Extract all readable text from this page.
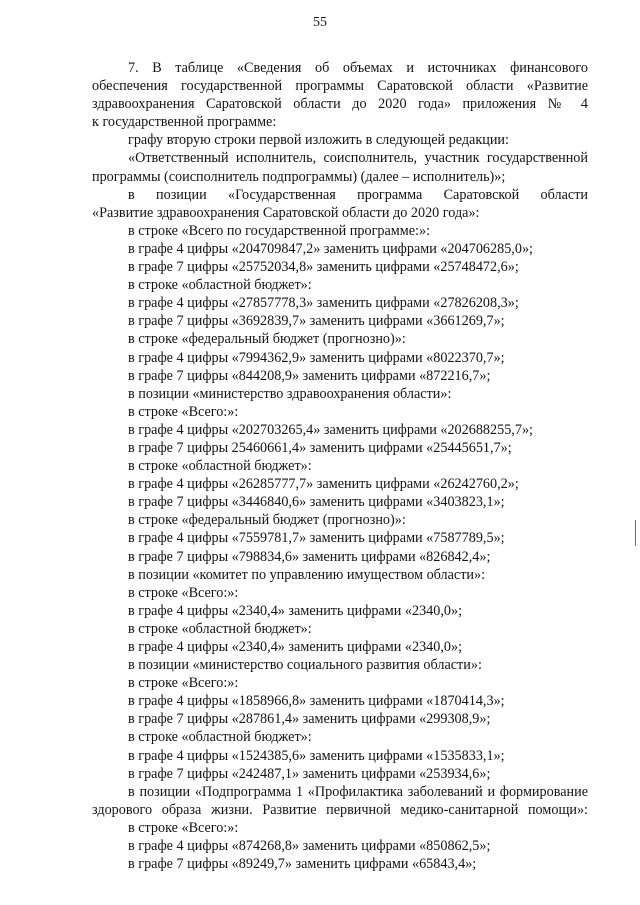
55
7. В таблице «Сведения об объемах и источниках финансового
обеспечения государственной программы Саратовской области «Развитие
здравоохранения Саратовской области до 2020 года» приложения № 4
к государственной программе:
графу вторую строки первой изложить в следующей редакции:
«Ответственный исполнитель, соисполнитель, участник государственной
программы (соисполнитель подпрограммы) (далее – исполнитель)»;
в позиции «Государственная программа Саратовской области
«Развитие здравоохранения Саратовской области до 2020 года»:
в строке «Всего по государственной программе:»:
в графе 4 цифры «204709847,2» заменить цифрами «204706285,0»;
в графе 7 цифры «25752034,8» заменить цифрами «25748472,6»;
в строке «областной бюджет»:
в графе 4 цифры «27857778,3» заменить цифрами «27826208,3»;
в графе 7 цифры «3692839,7» заменить цифрами «3661269,7»;
в строке «федеральный бюджет (прогнозно)»:
в графе 4 цифры «7994362,9» заменить цифрами «8022370,7»;
в графе 7 цифры «844208,9» заменить цифрами «872216,7»;
в позиции «министерство здравоохранения области»:
в строке «Всего:»:
в графе 4 цифры «202703265,4» заменить цифрами «202688255,7»;
в графе 7 цифры 25460661,4» заменить цифрами «25445651,7»;
в строке «областной бюджет»:
в графе 4 цифры «26285777,7» заменить цифрами «26242760,2»;
в графе 7 цифры «3446840,6» заменить цифрами «3403823,1»;
в строке «федеральный бюджет (прогнозно)»:
в графе 4 цифры «7559781,7» заменить цифрами «7587789,5»;
в графе 7 цифры «798834,6» заменить цифрами «826842,4»;
в позиции «комитет по управлению имуществом области»:
в строке «Всего:»:
в графе 4 цифры «2340,4» заменить цифрами «2340,0»;
в строке «областной бюджет»:
в графе 4 цифры «2340,4» заменить цифрами «2340,0»;
в позиции «министерство социального развития области»:
в строке «Всего:»:
в графе 4 цифры «1858966,8» заменить цифрами «1870414,3»;
в графе 7 цифры «287861,4» заменить цифрами «299308,9»;
в строке «областной бюджет»:
в графе 4 цифры «1524385,6» заменить цифрами «1535833,1»;
в графе 7 цифры «242487,1» заменить цифрами «253934,6»;
в позиции «Подпрограмма 1 «Профилактика заболеваний и формирование
здорового образа жизни. Развитие первичной медико-санитарной помощи»:
в строке «Всего:»:
в графе 4 цифры «874268,8» заменить цифрами «850862,5»;
в графе 7 цифры «89249,7» заменить цифрами «65843,4»;
